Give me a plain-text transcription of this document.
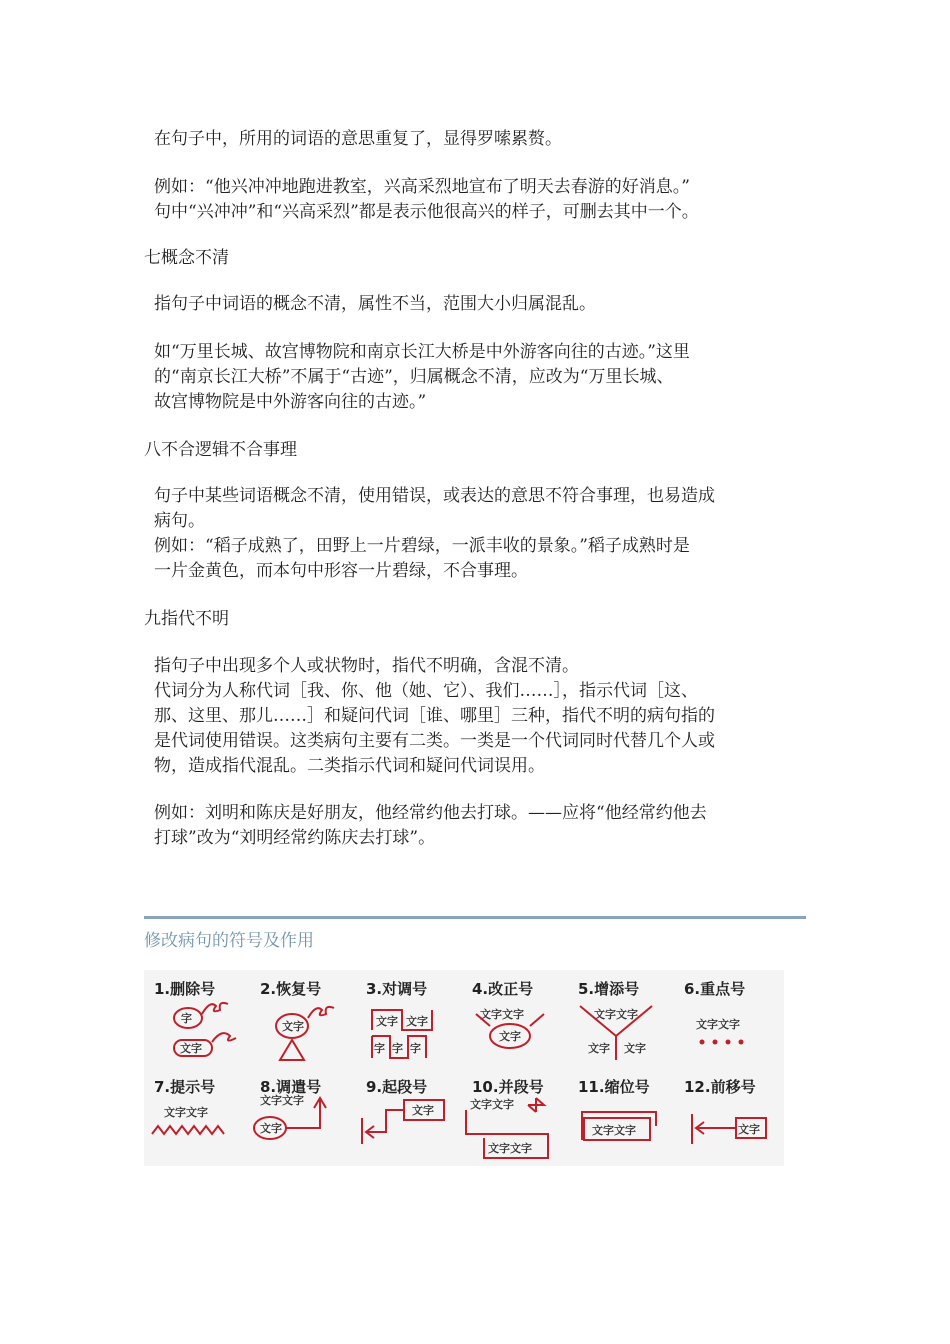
在句子中，所用的词语的意思重复了，显得罗嗦累赘。

例如：“他兴冲冲地跑进教室，兴高采烈地宣布了明天去春游的好消息。”

句中“兴冲冲”和“兴高采烈”都是表示他很高兴的样子，可删去其中一个。

七概念不清

指句子中词语的概念不清，属性不当，范围大小归属混乱。

如“万里长城、故宫博物院和南京长江大桥是中外游客向往的古迹。”这里
的“南京长江大桥”不属于“古迹”，归属概念不清，应改为“万里长城、
故宫博物院是中外游客向往的古迹。”

八不合逻辑不合事理

句子中某些词语概念不清，使用错误，或表达的意思不符合事理，也易造成
病句。
例如：“稻子成熟了，田野上一片碧绿，一派丰收的景象。”稻子成熟时是
一片金黄色，而本句中形容一片碧绿，不合事理。

九指代不明

指句子中出现多个人或状物时，指代不明确，含混不清。
代词分为人称代词［我、你、他（她、它）、我们……］，指示代词［这、
那、这里、那儿……］和疑问代词［谁、哪里］三种，指代不明的病句指的
是代词使用错误。这类病句主要有二类。一类是一个代词同时代替几个人或
物，造成指代混乱。二类指示代词和疑问代词误用。

例如：刘明和陈庆是好朋友，他经常约他去打球。——应将“他经常约他去
打球”改为“刘明经常约陈庆去打球”。

修改病句的符号及作用
1.删除号
字
文字
2.恢复号
文字
3.对调号
文字 文字
字 字 字
4.改正号
文字文字
文字
5.增添号
文字文字
文字 文字
6.重点号
文字文字
7.提示号
文字文字
8.调遣号
文字文字
文字
9.起段号
文字
10.并段号
文字文字
文字文字
11.缩位号
文字文字
12.前移号
文字
